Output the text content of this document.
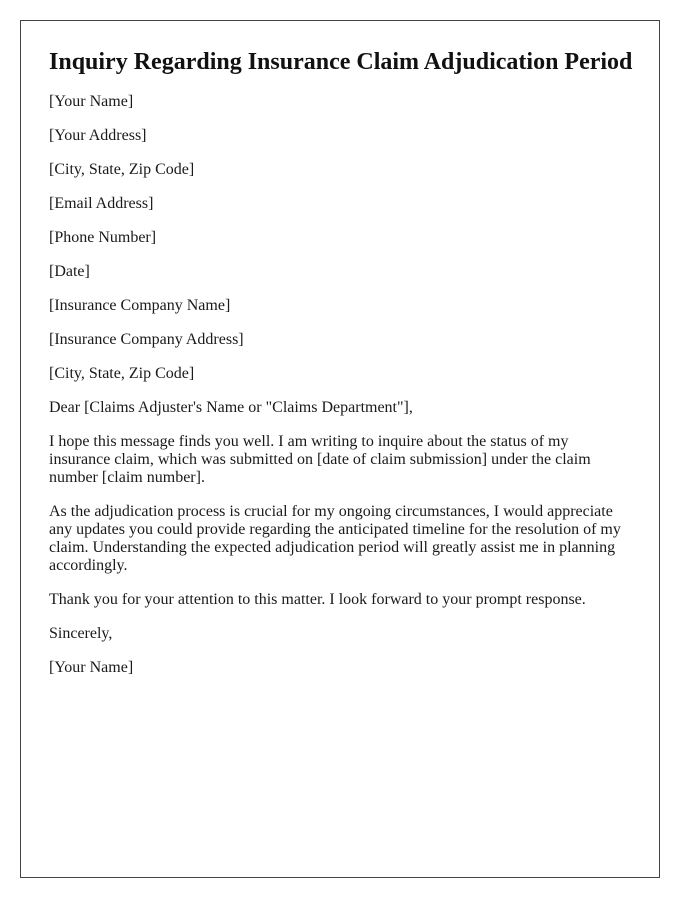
Inquiry Regarding Insurance Claim Adjudication Period
[Your Name]
[Your Address]
[City, State, Zip Code]
[Email Address]
[Phone Number]
[Date]
[Insurance Company Name]
[Insurance Company Address]
[City, State, Zip Code]
Dear [Claims Adjuster's Name or "Claims Department"],
I hope this message finds you well. I am writing to inquire about the status of my insurance claim, which was submitted on [date of claim submission] under the claim number [claim number].
As the adjudication process is crucial for my ongoing circumstances, I would appreciate any updates you could provide regarding the anticipated timeline for the resolution of my claim. Understanding the expected adjudication period will greatly assist me in planning accordingly.
Thank you for your attention to this matter. I look forward to your prompt response.
Sincerely,
[Your Name]
